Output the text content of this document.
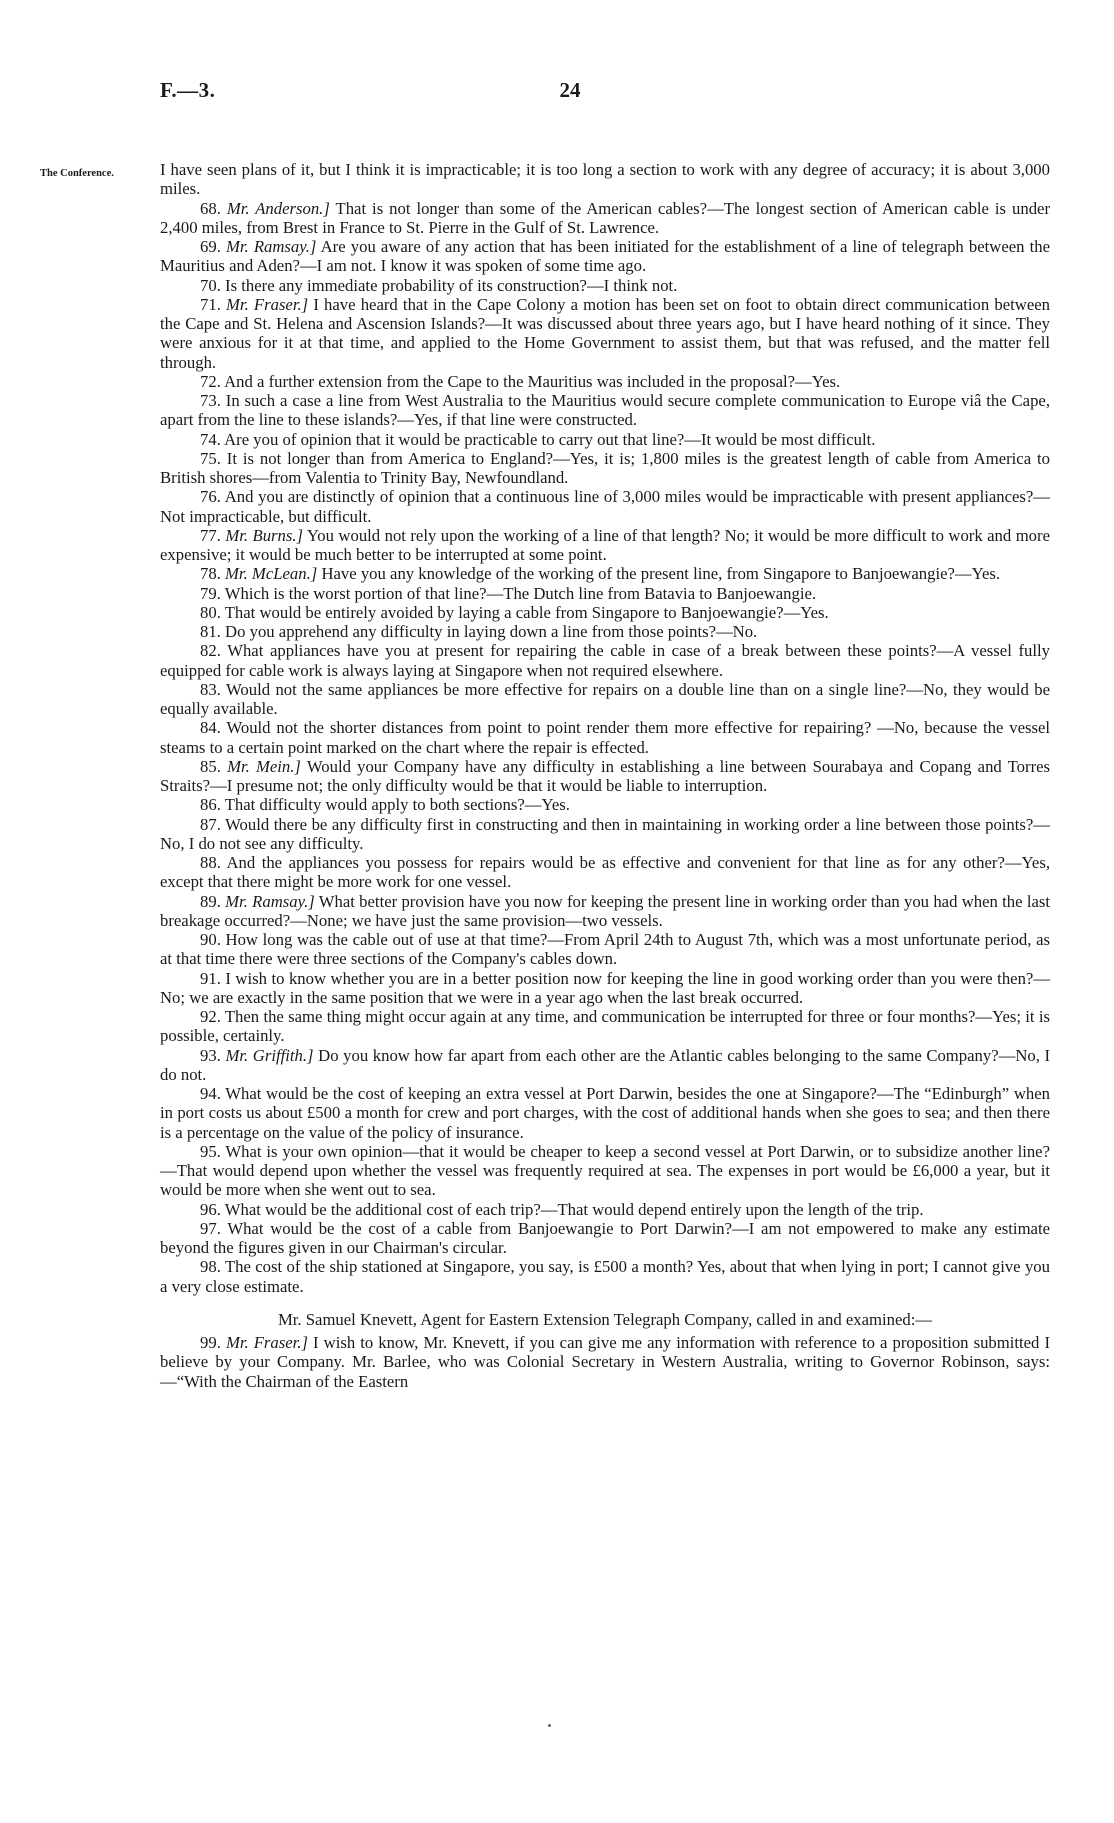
F.—3.	24
The Conference.	I have seen plans of it, but I think it is impracticable; it is too long a section to work with any degree of accuracy; it is about 3,000 miles.

68. Mr. Anderson.] That is not longer than some of the American cables?—The longest section of American cable is under 2,400 miles, from Brest in France to St. Pierre in the Gulf of St. Lawrence.

69. Mr. Ramsay.] Are you aware of any action that has been initiated for the establishment of a line of telegraph between the Mauritius and Aden?—I am not. I know it was spoken of some time ago.

70. Is there any immediate probability of its construction?—I think not.

71. Mr. Fraser.] I have heard that in the Cape Colony a motion has been set on foot to obtain direct communication between the Cape and St. Helena and Ascension Islands?—It was discussed about three years ago, but I have heard nothing of it since. They were anxious for it at that time, and applied to the Home Government to assist them, but that was refused, and the matter fell through.

72. And a further extension from the Cape to the Mauritius was included in the proposal?—Yes.

73. In such a case a line from West Australia to the Mauritius would secure complete communication to Europe viâ the Cape, apart from the line to these islands?—Yes, if that line were constructed.

74. Are you of opinion that it would be practicable to carry out that line?—It would be most difficult.

75. It is not longer than from America to England?—Yes, it is; 1,800 miles is the greatest length of cable from America to British shores—from Valentia to Trinity Bay, Newfoundland.

76. And you are distinctly of opinion that a continuous line of 3,000 miles would be impracticable with present appliances?—Not impracticable, but difficult.

77. Mr. Burns.] You would not rely upon the working of a line of that length? No; it would be more difficult to work and more expensive; it would be much better to be interrupted at some point.

78. Mr. McLean.] Have you any knowledge of the working of the present line, from Singapore to Banjoewangie?—Yes.

79. Which is the worst portion of that line?—The Dutch line from Batavia to Banjoewangie.

80. That would be entirely avoided by laying a cable from Singapore to Banjoewangie?—Yes.

81. Do you apprehend any difficulty in laying down a line from those points?—No.

82. What appliances have you at present for repairing the cable in case of a break between these points?—A vessel fully equipped for cable work is always laying at Singapore when not required elsewhere.

83. Would not the same appliances be more effective for repairs on a double line than on a single line?—No, they would be equally available.

84. Would not the shorter distances from point to point render them more effective for repairing? —No, because the vessel steams to a certain point marked on the chart where the repair is effected.

85. Mr. Mein.] Would your Company have any difficulty in establishing a line between Sourabaya and Copang and Torres Straits?—I presume not; the only difficulty would be that it would be liable to interruption.

86. That difficulty would apply to both sections?—Yes.

87. Would there be any difficulty first in constructing and then in maintaining in working order a line between those points?—No, I do not see any difficulty.

88. And the appliances you possess for repairs would be as effective and convenient for that line as for any other?—Yes, except that there might be more work for one vessel.

89. Mr. Ramsay.] What better provision have you now for keeping the present line in working order than you had when the last breakage occurred?—None; we have just the same provision—two vessels.

90. How long was the cable out of use at that time?—From April 24th to August 7th, which was a most unfortunate period, as at that time there were three sections of the Company's cables down.

91. I wish to know whether you are in a better position now for keeping the line in good working order than you were then?—No; we are exactly in the same position that we were in a year ago when the last break occurred.

92. Then the same thing might occur again at any time, and communication be interrupted for three or four months?—Yes; it is possible, certainly.

93. Mr. Griffith.] Do you know how far apart from each other are the Atlantic cables belonging to the same Company?—No, I do not.

94. What would be the cost of keeping an extra vessel at Port Darwin, besides the one at Singapore?—The “Edinburgh” when in port costs us about £500 a month for crew and port charges, with the cost of additional hands when she goes to sea; and then there is a percentage on the value of the policy of insurance.

95. What is your own opinion—that it would be cheaper to keep a second vessel at Port Darwin, or to subsidize another line?—That would depend upon whether the vessel was frequently required at sea. The expenses in port would be £6,000 a year, but it would be more when she went out to sea.

96. What would be the additional cost of each trip?—That would depend entirely upon the length of the trip.

97. What would be the cost of a cable from Banjoewangie to Port Darwin?—I am not empowered to make any estimate beyond the figures given in our Chairman's circular.

98. The cost of the ship stationed at Singapore, you say, is £500 a month? Yes, about that when lying in port; I cannot give you a very close estimate.

Mr. Samuel Knevett, Agent for Eastern Extension Telegraph Company, called in and examined:—

99. Mr. Fraser.] I wish to know, Mr. Knevett, if you can give me any information with reference to a proposition submitted I believe by your Company. Mr. Barlee, who was Colonial Secretary in Western Australia, writing to Governor Robinson, says:—“With the Chairman of the Eastern
